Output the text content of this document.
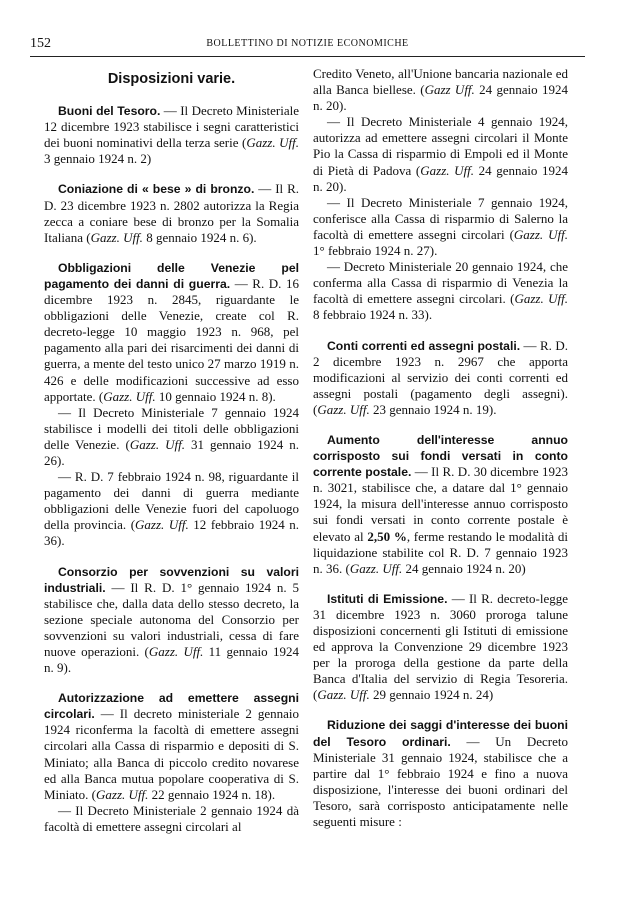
152	BOLLETTINO DI NOTIZIE ECONOMICHE
Disposizioni varie.

Buoni del Tesoro. — Il Decreto Ministeriale 12 dicembre 1923 stabilisce i segni caratteristici dei buoni nominativi della terza serie (Gazz. Uff. 3 gennaio 1924 n. 2)

Coniazione di « bese » di bronzo. — Il R. D. 23 dicembre 1923 n. 2802 autorizza la Regia zecca a coniare bese di bronzo per la Somalia Italiana (Gazz. Uff. 8 gennaio 1924 n. 6).

Obbligazioni delle Venezie pel pagamento dei danni di guerra. — R. D. 16 dicembre 1923 n. 2845, riguardante le obbligazioni delle Venezie, create col R. decreto-legge 10 maggio 1923 n. 968, pel pagamento alla pari dei risarcimenti dei danni di guerra, a mente del testo unico 27 marzo 1919 n. 426 e delle modificazioni successive ad esso apportate. (Gazz. Uff. 10 gennaio 1924 n. 8).

— Il Decreto Ministeriale 7 gennaio 1924 stabilisce i modelli dei titoli delle obbligazioni delle Venezie. (Gazz. Uff. 31 gennaio 1924 n. 26).

— R. D. 7 febbraio 1924 n. 98, riguardante il pagamento dei danni di guerra mediante obbligazioni delle Venezie fuori del capoluogo della provincia. (Gazz. Uff. 12 febbraio 1924 n. 36).

Consorzio per sovvenzioni su valori industriali. — Il R. D. 1° gennaio 1924 n. 5 stabilisce che, dalla data dello stesso decreto, la sezione speciale autonoma del Consorzio per sovvenzioni su valori industriali, cessa di fare nuove operazioni. (Gazz. Uff. 11 gennaio 1924 n. 9).

Autorizzazione ad emettere assegni circolari. — Il decreto ministeriale 2 gennaio 1924 riconferma la facoltà di emettere assegni circolari alla Cassa di risparmio e depositi di S. Miniato; alla Banca di piccolo credito novarese ed alla Banca mutua popolare cooperativa di S. Miniato. (Gazz. Uff. 22 gennaio 1924 n. 18).

— Il Decreto Ministeriale 2 gennaio 1924 dà facoltà di emettere assegni circolari al

Credito Veneto, all'Unione bancaria nazionale ed alla Banca biellese. (Gazz Uff. 24 gennaio 1924 n. 20).

— Il Decreto Ministeriale 4 gennaio 1924, autorizza ad emettere assegni circolari il Monte Pio la Cassa di risparmio di Empoli ed il Monte di Pietà di Padova (Gazz. Uff. 24 gennaio 1924 n. 20).

— Il Decreto Ministeriale 7 gennaio 1924, conferisce alla Cassa di risparmio di Salerno la facoltà di emettere assegni circolari (Gazz. Uff. 1° febbraio 1924 n. 27).

— Decreto Ministeriale 20 gennaio 1924, che conferma alla Cassa di risparmio di Venezia la facoltà di emettere assegni circolari. (Gazz. Uff. 8 febbraio 1924 n. 33).

Conti correnti ed assegni postali. — R. D. 2 dicembre 1923 n. 2967 che apporta modificazioni al servizio dei conti correnti ed assegni postali (pagamento degli assegni). (Gazz. Uff. 23 gennaio 1924 n. 19).

Aumento dell'interesse annuo corrisposto sui fondi versati in conto corrente postale. — Il R. D. 30 dicembre 1923 n. 3021, stabilisce che, a datare dal 1° gennaio 1924, la misura dell'interesse annuo corrisposto sui fondi versati in conto corrente postale è elevato al 2,50 %, ferme restando le modalità di liquidazione stabilite col R. D. 7 gennaio 1923 n. 36. (Gazz. Uff. 24 gennaio 1924 n. 20)

Istituti di Emissione. — Il R. decreto-legge 31 dicembre 1923 n. 3060 proroga talune disposizioni concernenti gli Istituti di emissione ed approva la Convenzione 29 dicembre 1923 per la proroga della gestione da parte della Banca d'Italia del servizio di Regia Tesoreria. (Gazz. Uff. 29 gennaio 1924 n. 24)

Riduzione dei saggi d'interesse dei buoni del Tesoro ordinari. — Un Decreto Ministeriale 31 gennaio 1924, stabilisce che a partire dal 1° febbraio 1924 e fino a nuova disposizione, l'interesse dei buoni ordinari del Tesoro, sarà corrisposto anticipatamente nelle seguenti misure :
